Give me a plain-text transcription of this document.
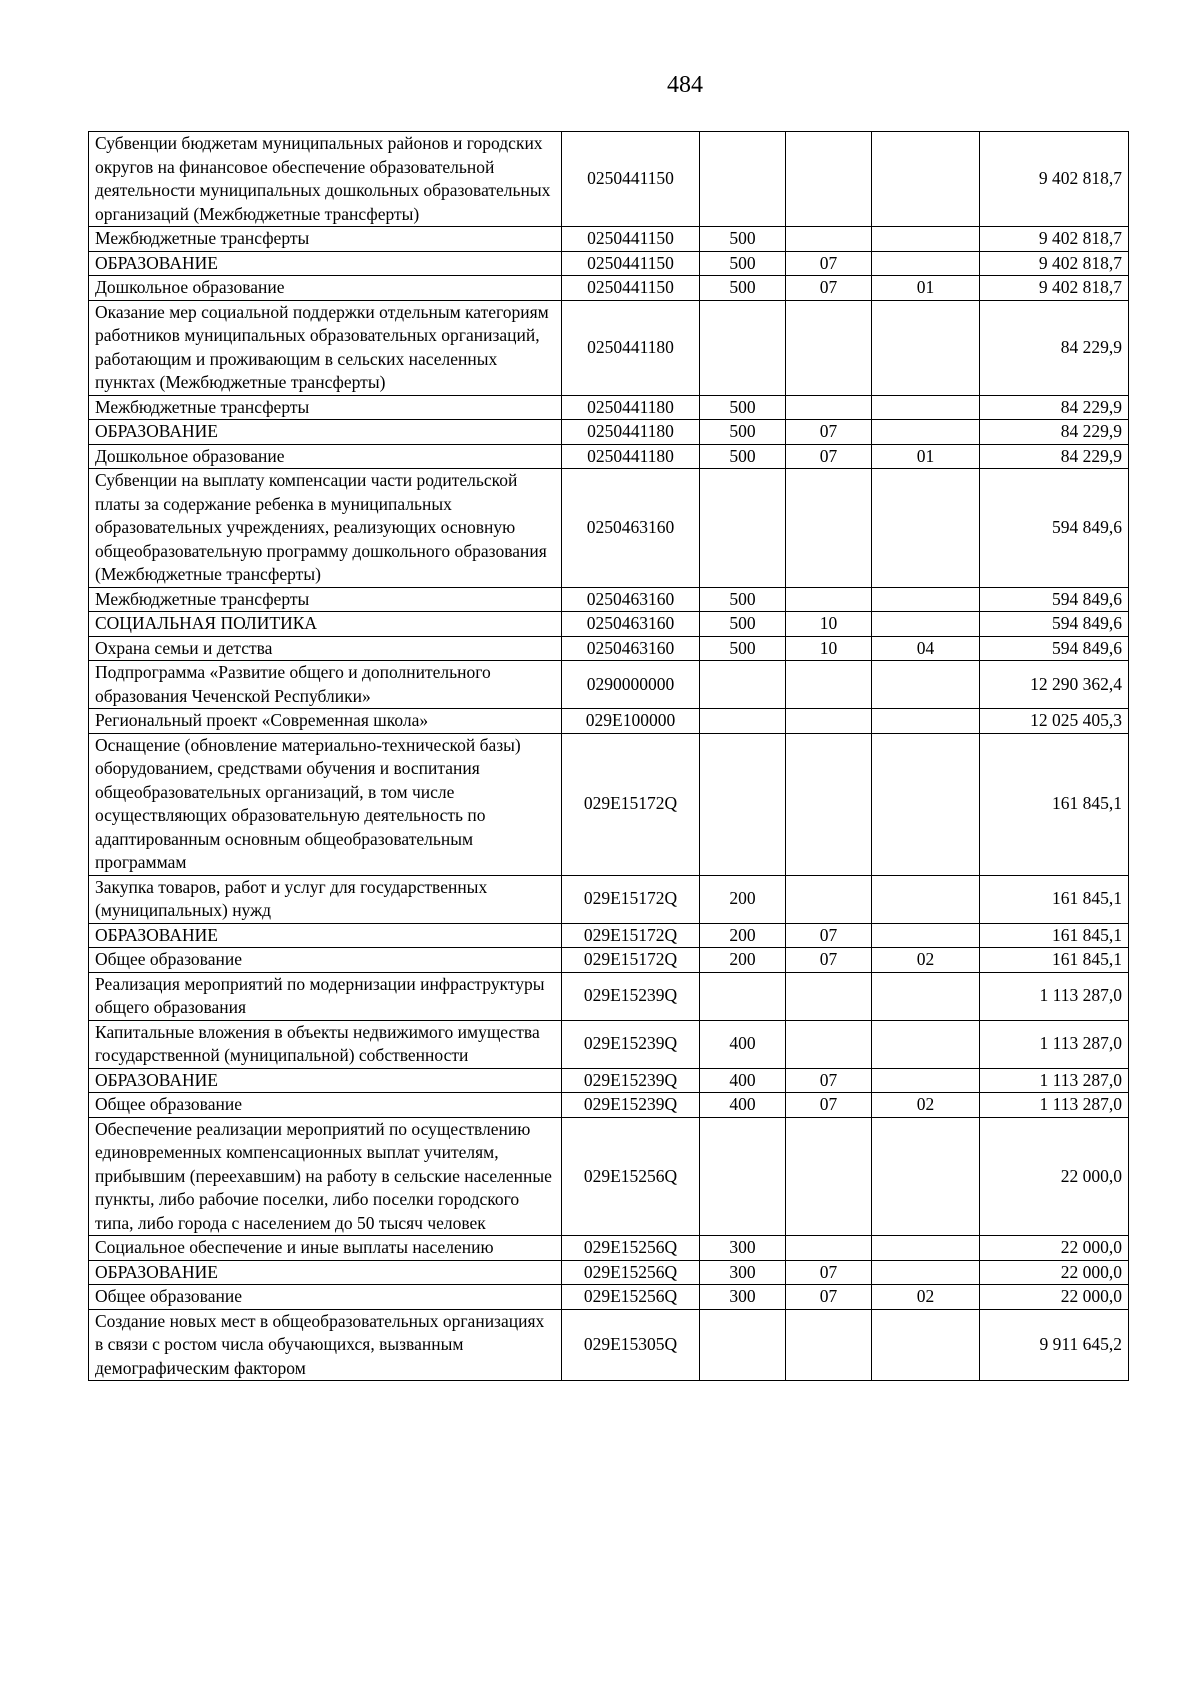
484
Субвенции бюджетам муниципальных районов и городских округов на финансовое обеспечение образовательной деятельности муниципальных дошкольных образовательных организаций (Межбюджетные трансферты)	0250441150				9 402 818,7
Межбюджетные трансферты	0250441150	500			9 402 818,7
ОБРАЗОВАНИЕ	0250441150	500	07		9 402 818,7
Дошкольное образование	0250441150	500	07	01	9 402 818,7
Оказание мер социальной поддержки отдельным категориям работников муниципальных образовательных организаций, работающим и проживающим в сельских населенных пунктах (Межбюджетные трансферты)	0250441180				84 229,9
Межбюджетные трансферты	0250441180	500			84 229,9
ОБРАЗОВАНИЕ	0250441180	500	07		84 229,9
Дошкольное образование	0250441180	500	07	01	84 229,9
Субвенции на выплату компенсации части родительской платы за содержание ребенка в муниципальных образовательных учреждениях, реализующих основную общеобразовательную программу дошкольного образования (Межбюджетные трансферты)	0250463160				594 849,6
Межбюджетные трансферты	0250463160	500			594 849,6
СОЦИАЛЬНАЯ ПОЛИТИКА	0250463160	500	10		594 849,6
Охрана семьи и детства	0250463160	500	10	04	594 849,6
Подпрограмма «Развитие общего и дополнительного образования Чеченской Республики»	0290000000				12 290 362,4
Региональный проект «Современная школа»	029E100000				12 025 405,3
Оснащение (обновление материально-технической базы) оборудованием, средствами обучения и воспитания общеобразовательных организаций, в том числе осуществляющих образовательную деятельность по адаптированным основным общеобразовательным программам	029E15172Q				161 845,1
Закупка товаров, работ и услуг для государственных (муниципальных) нужд	029E15172Q	200			161 845,1
ОБРАЗОВАНИЕ	029E15172Q	200	07		161 845,1
Общее образование	029E15172Q	200	07	02	161 845,1
Реализация мероприятий по модернизации инфраструктуры общего образования	029E15239Q				1 113 287,0
Капитальные вложения в объекты недвижимого имущества государственной (муниципальной) собственности	029E15239Q	400			1 113 287,0
ОБРАЗОВАНИЕ	029E15239Q	400	07		1 113 287,0
Общее образование	029E15239Q	400	07	02	1 113 287,0
Обеспечение реализации мероприятий по осуществлению единовременных компенсационных выплат учителям, прибывшим (переехавшим) на работу в сельские населенные пункты, либо рабочие поселки, либо поселки городского типа, либо города с населением до 50 тысяч человек	029E15256Q				22 000,0
Социальное обеспечение и иные выплаты населению	029E15256Q	300			22 000,0
ОБРАЗОВАНИЕ	029E15256Q	300	07		22 000,0
Общее образование	029E15256Q	300	07	02	22 000,0
Создание новых мест в общеобразовательных организациях в связи с ростом числа обучающихся, вызванным демографическим фактором	029E15305Q				9 911 645,2
